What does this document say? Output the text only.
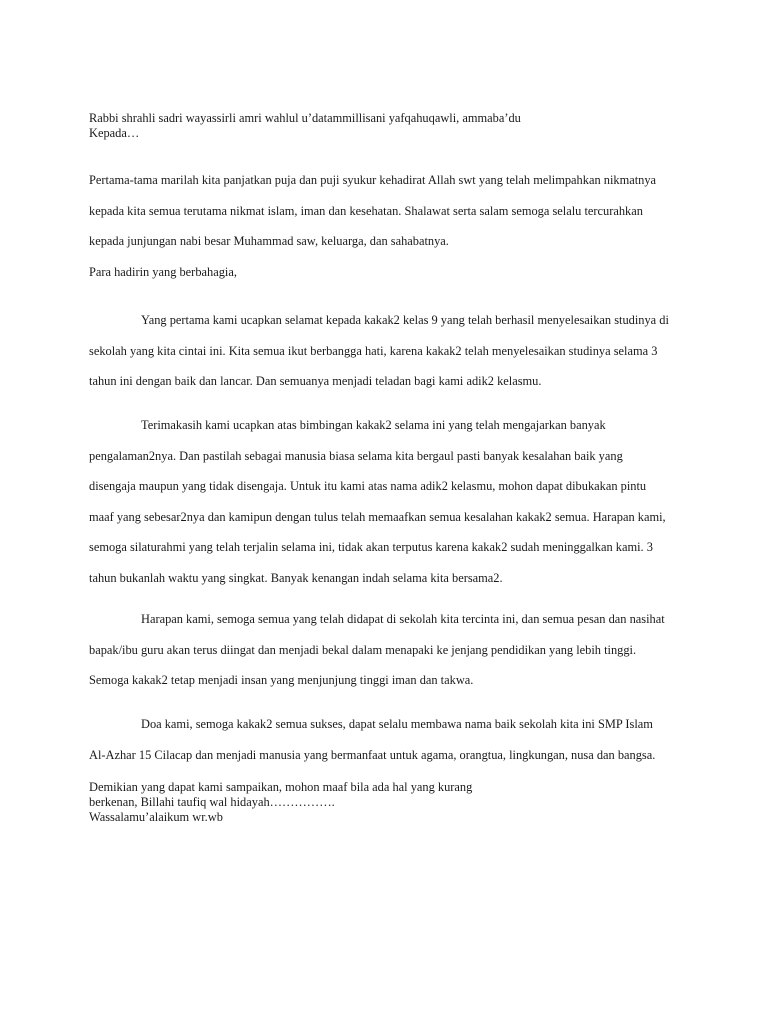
Rabbi shrahli sadri wayassirli amri wahlul u’datammillisani yafqahuqawli, ammaba’du
Kepada…
Pertama-tama marilah kita panjatkan puja dan puji syukur kehadirat Allah swt yang telah melimpahkan nikmatnya
kepada kita semua terutama nikmat islam, iman dan kesehatan. Shalawat serta salam semoga selalu tercurahkan
kepada junjungan nabi besar Muhammad saw, keluarga, dan sahabatnya.
Para hadirin yang berbahagia,
Yang pertama kami ucapkan selamat kepada kakak2 kelas 9 yang telah berhasil menyelesaikan studinya di
sekolah yang kita cintai ini. Kita semua ikut berbangga hati, karena kakak2 telah menyelesaikan studinya selama 3
tahun ini dengan baik dan lancar. Dan semuanya menjadi teladan bagi kami adik2 kelasmu.
Terimakasih kami ucapkan atas bimbingan kakak2 selama ini yang telah mengajarkan banyak
pengalaman2nya. Dan pastilah sebagai manusia biasa selama kita bergaul pasti banyak kesalahan baik yang
disengaja maupun yang tidak disengaja. Untuk itu kami atas nama adik2 kelasmu, mohon dapat dibukakan pintu
maaf yang sebesar2nya dan kamipun dengan tulus telah memaafkan semua kesalahan kakak2 semua. Harapan kami,
semoga silaturahmi yang telah terjalin selama ini, tidak akan terputus karena kakak2 sudah meninggalkan kami. 3
tahun bukanlah waktu yang singkat. Banyak kenangan indah selama kita bersama2.
Harapan kami, semoga semua yang telah didapat di sekolah kita tercinta ini, dan semua pesan dan nasihat
bapak/ibu guru akan terus diingat dan menjadi bekal dalam menapaki ke jenjang pendidikan yang lebih tinggi.
Semoga kakak2 tetap menjadi insan yang menjunjung tinggi iman dan takwa.
Doa kami, semoga kakak2 semua sukses, dapat selalu membawa nama baik sekolah kita ini SMP Islam
Al-Azhar 15 Cilacap dan menjadi manusia yang bermanfaat untuk agama, orangtua, lingkungan, nusa dan bangsa.
Demikian yang dapat kami sampaikan, mohon maaf bila ada hal yang kurang
berkenan, Billahi taufiq wal hidayah…………….
Wassalamu’alaikum wr.wb
